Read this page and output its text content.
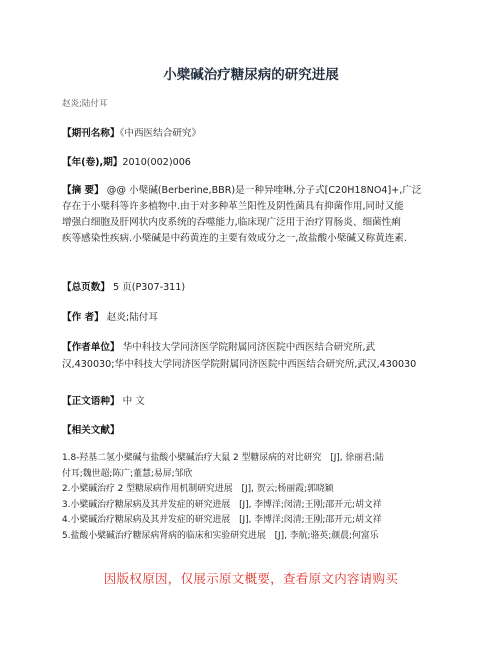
小檗碱治疗糖尿病的研究进展
赵炎;陆付耳
【期刊名称】《中西医结合研究》
【年(卷),期】2010(002)006
【摘 要】 @@ 小檗碱(Berberine,BBR)是一种异喹啉,分子式[C20H18NO4]+,广泛
存在于小檗科等许多植物中.由于对多种革兰阳性及阴性菌具有抑菌作用,同时又能
增强白细胞及肝网状内皮系统的吞噬能力,临床现广泛用于治疗胃肠炎、细菌性痢
疾等感染性疾病.小檗碱是中药黄连的主要有效成分之一,故盐酸小檗碱又称黄连素.
【总页数】 5 页(P307-311)
【作 者】 赵炎;陆付耳
【作者单位】 华中科技大学同济医学院附属同济医院中西医结合研究所,武
汉,430030;华中科技大学同济医学院附属同济医院中西医结合研究所,武汉,430030
【正文语种】 中 文
【相关文献】
1.8-羟基二氢小檗碱与盐酸小檗碱治疗大鼠 2 型糖尿病的对比研究　[J], 徐丽君;陆
付耳;魏世超;陈广;董慧;易屏;邹欣
2.小檗碱治疗 2 型糖尿病作用机制研究进展　[J], 贺云;杨丽霞;郭晓颖
3.小檗碱治疗糖尿病及其并发症的研究进展　[J], 李博洋;闵清;王刚;邵开元;胡文祥
4.小檗碱治疗糖尿病及其并发症的研究进展　[J], 李博洋;闵清;王刚;邵开元;胡文祥
5.盐酸小檗碱治疗糖尿病肾病的临床和实验研究进展　[J], 李航;骆英;颜晨;何富乐
因版权原因，仅展示原文概要，查看原文内容请购买
